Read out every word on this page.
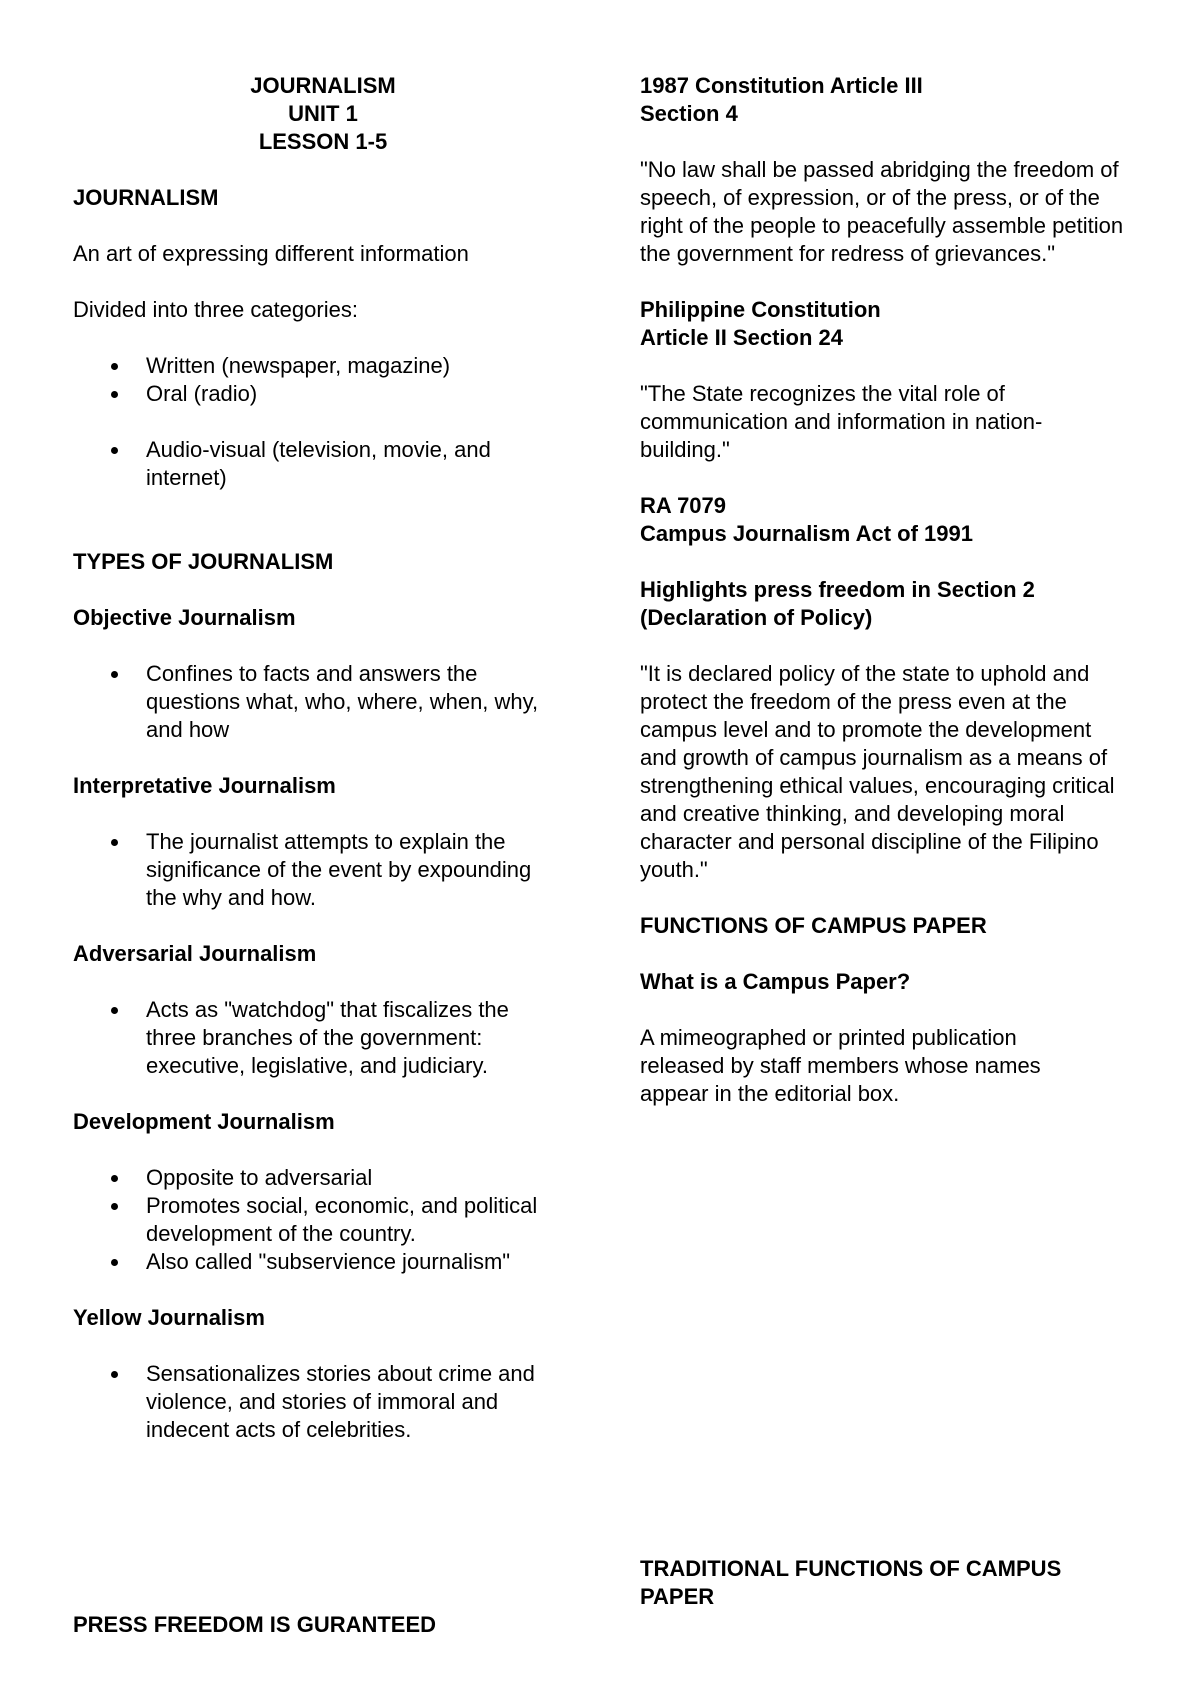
JOURNALISM

UNIT 1

LESSON 1-5

JOURNALISM

An art of expressing different information

Divided into three categories:

Written (newspaper, magazine)
Oral (radio)
Audio-visual (television, movie, and internet)

TYPES OF JOURNALISM

Objective Journalism

Confines to facts and answers the questions what, who, where, when, why, and how

Interpretative Journalism

The journalist attempts to explain the significance of the event by expounding the why and how.

Adversarial Journalism

Acts as "watchdog" that fiscalizes the three branches of the government: executive, legislative, and judiciary.

Development Journalism

Opposite to adversarial
Promotes social, economic, and political development of the country.
Also called "subservience journalism"

Yellow Journalism

Sensationalizes stories about crime and violence, and stories of immoral and indecent acts of celebrities.

PRESS FREEDOM IS GURANTEED

1987 Constitution Article III

Section 4

"No law shall be passed abridging the freedom of speech, of expression, or of the press, or of the right of the people to peacefully assemble petition the government for redress of grievances."

Philippine Constitution

Article II Section 24

"The State recognizes the vital role of communication and information in nation-building."

RA 7079

Campus Journalism Act of 1991

Highlights press freedom in Section 2

(Declaration of Policy)

"It is declared policy of the state to uphold and protect the freedom of the press even at the campus level and to promote the development and growth of campus journalism as a means of strengthening ethical values, encouraging critical and creative thinking, and developing moral character and personal discipline of the Filipino youth."

FUNCTIONS OF CAMPUS PAPER

What is a Campus Paper?

A mimeographed or printed publication released by staff members whose names appear in the editorial box.

TRADITIONAL FUNCTIONS OF CAMPUS PAPER
